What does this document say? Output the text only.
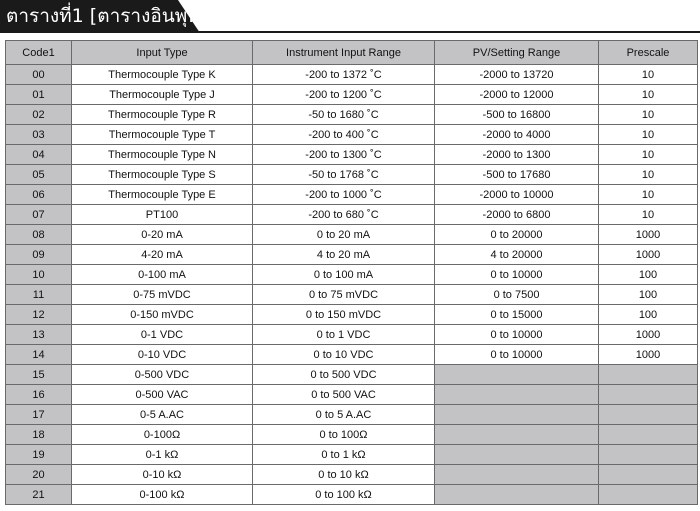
ตารางที่1 [ตารางอินพุท]
Code1	Input Type	Instrument Input Range	PV/Setting Range	Prescale
00	Thermocouple Type K	-200 to 1372 ˚C	-2000 to 13720	10
01	Thermocouple Type J	-200 to 1200 ˚C	-2000 to 12000	10
02	Thermocouple Type R	-50 to 1680 ˚C	-500 to 16800	10
03	Thermocouple Type T	-200 to 400 ˚C	-2000 to 4000	10
04	Thermocouple Type N	-200 to 1300 ˚C	-2000 to 1300	10
05	Thermocouple Type S	-50 to 1768 ˚C	-500 to 17680	10
06	Thermocouple Type E	-200 to 1000 ˚C	-2000 to 10000	10
07	PT100	-200 to 680 ˚C	-2000 to 6800	10
08	0-20 mA	0 to 20 mA	0 to 20000	1000
09	4-20 mA	4 to 20 mA	4 to 20000	1000
10	0-100 mA	0 to 100 mA	0 to 10000	100
11	0-75 mVDC	0 to 75 mVDC	0 to 7500	100
12	0-150 mVDC	0 to 150 mVDC	0 to 15000	100
13	0-1 VDC	0 to 1 VDC	0 to 10000	1000
14	0-10 VDC	0 to 10 VDC	0 to 10000	1000
15	0-500 VDC	0 to 500 VDC		
16	0-500 VAC	0 to 500 VAC		
17	0-5 A.AC	0 to 5 A.AC		
18	0-100Ω	0 to 100Ω		
19	0-1 kΩ	0 to 1 kΩ		
20	0-10 kΩ	0 to 10 kΩ		
21	0-100 kΩ	0 to 100 kΩ		
